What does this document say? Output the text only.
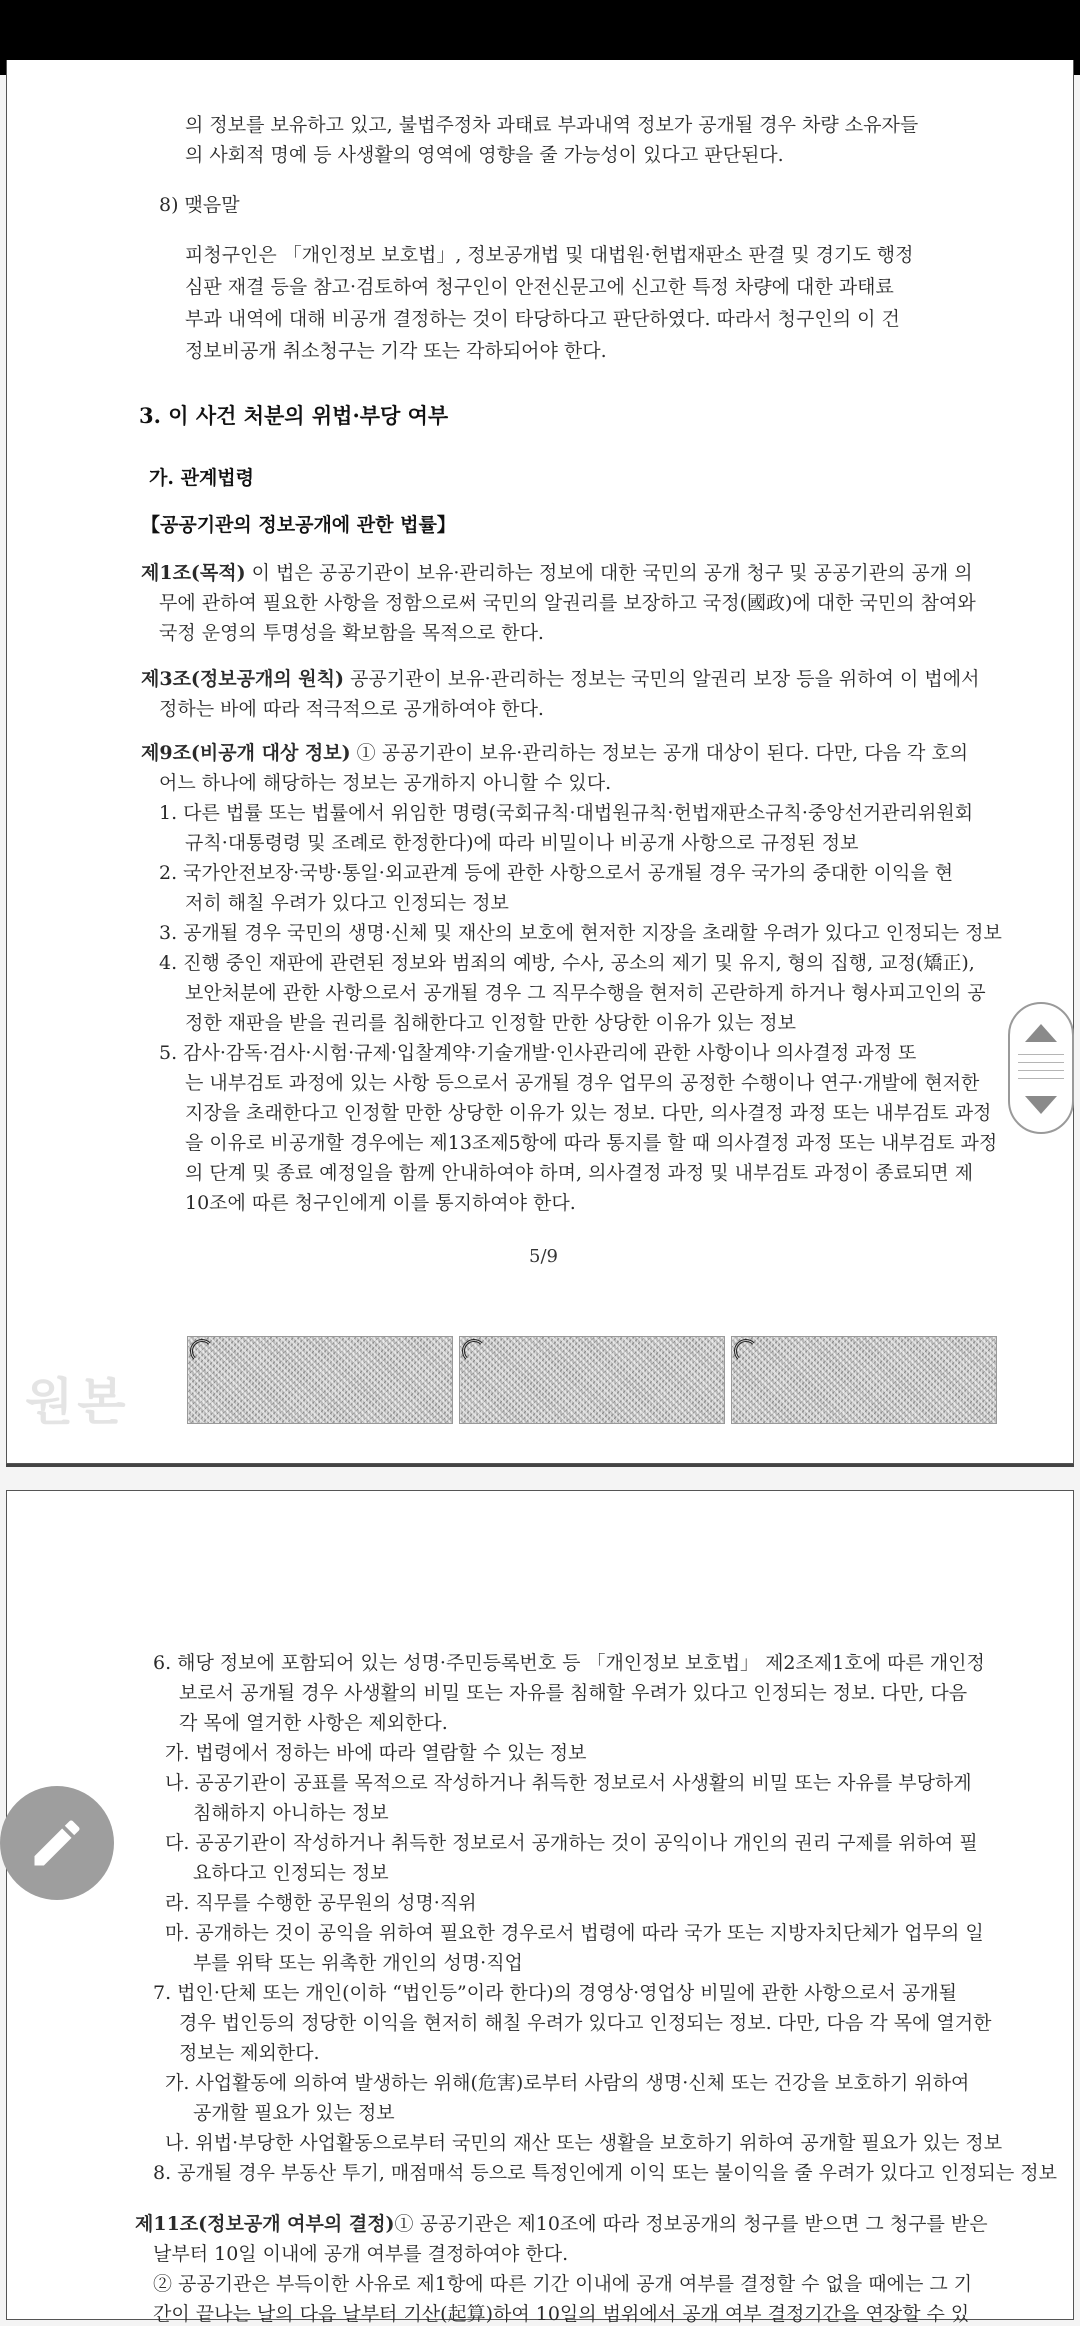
의 정보를 보유하고 있고, 불법주정차 과태료 부과내역 정보가 공개될 경우 차량 소유자들
의 사회적 명예 등 사생활의 영역에 영향을 줄 가능성이 있다고 판단된다.
8) 맺음말
피청구인은 「개인정보 보호법」, 정보공개법 및 대법원·헌법재판소 판결 및 경기도 행정
심판 재결 등을 참고·검토하여 청구인이 안전신문고에 신고한 특정 차량에 대한 과태료
부과 내역에 대해 비공개 결정하는 것이 타당하다고 판단하였다. 따라서 청구인의 이 건
정보비공개 취소청구는 기각 또는 각하되어야 한다.
3. 이 사건 처분의 위법·부당 여부
가. 관계법령
【공공기관의 정보공개에 관한 법률】
제1조(목적) 이 법은 공공기관이 보유·관리하는 정보에 대한 국민의 공개 청구 및 공공기관의 공개 의
무에 관하여 필요한 사항을 정함으로써 국민의 알권리를 보장하고 국정(國政)에 대한 국민의 참여와
국정 운영의 투명성을 확보함을 목적으로 한다.
제3조(정보공개의 원칙) 공공기관이 보유·관리하는 정보는 국민의 알권리 보장 등을 위하여 이 법에서
정하는 바에 따라 적극적으로 공개하여야 한다.
제9조(비공개 대상 정보) ① 공공기관이 보유·관리하는 정보는 공개 대상이 된다. 다만, 다음 각 호의
어느 하나에 해당하는 정보는 공개하지 아니할 수 있다.
1. 다른 법률 또는 법률에서 위임한 명령(국회규칙·대법원규칙·헌법재판소규칙·중앙선거관리위원회
규칙·대통령령 및 조례로 한정한다)에 따라 비밀이나 비공개 사항으로 규정된 정보
2. 국가안전보장·국방·통일·외교관계 등에 관한 사항으로서 공개될 경우 국가의 중대한 이익을 현
저히 해칠 우려가 있다고 인정되는 정보
3. 공개될 경우 국민의 생명·신체 및 재산의 보호에 현저한 지장을 초래할 우려가 있다고 인정되는 정보
4. 진행 중인 재판에 관련된 정보와 범죄의 예방, 수사, 공소의 제기 및 유지, 형의 집행, 교정(矯正),
보안처분에 관한 사항으로서 공개될 경우 그 직무수행을 현저히 곤란하게 하거나 형사피고인의 공
정한 재판을 받을 권리를 침해한다고 인정할 만한 상당한 이유가 있는 정보
5. 감사·감독·검사·시험·규제·입찰계약·기술개발·인사관리에 관한 사항이나 의사결정 과정 또
는 내부검토 과정에 있는 사항 등으로서 공개될 경우 업무의 공정한 수행이나 연구·개발에 현저한
지장을 초래한다고 인정할 만한 상당한 이유가 있는 정보. 다만, 의사결정 과정 또는 내부검토 과정
을 이유로 비공개할 경우에는 제13조제5항에 따라 통지를 할 때 의사결정 과정 또는 내부검토 과정
의 단계 및 종료 예정일을 함께 안내하여야 하며, 의사결정 과정 및 내부검토 과정이 종료되면 제
10조에 따른 청구인에게 이를 통지하여야 한다.
5/9
원본
6. 해당 정보에 포함되어 있는 성명·주민등록번호 등 「개인정보 보호법」 제2조제1호에 따른 개인정
보로서 공개될 경우 사생활의 비밀 또는 자유를 침해할 우려가 있다고 인정되는 정보. 다만, 다음
각 목에 열거한 사항은 제외한다.
가. 법령에서 정하는 바에 따라 열람할 수 있는 정보
나. 공공기관이 공표를 목적으로 작성하거나 취득한 정보로서 사생활의 비밀 또는 자유를 부당하게
침해하지 아니하는 정보
다. 공공기관이 작성하거나 취득한 정보로서 공개하는 것이 공익이나 개인의 권리 구제를 위하여 필
요하다고 인정되는 정보
라. 직무를 수행한 공무원의 성명·직위
마. 공개하는 것이 공익을 위하여 필요한 경우로서 법령에 따라 국가 또는 지방자치단체가 업무의 일
부를 위탁 또는 위촉한 개인의 성명·직업
7. 법인·단체 또는 개인(이하 “법인등”이라 한다)의 경영상·영업상 비밀에 관한 사항으로서 공개될
경우 법인등의 정당한 이익을 현저히 해칠 우려가 있다고 인정되는 정보. 다만, 다음 각 목에 열거한
정보는 제외한다.
가. 사업활동에 의하여 발생하는 위해(危害)로부터 사람의 생명·신체 또는 건강을 보호하기 위하여
공개할 필요가 있는 정보
나. 위법·부당한 사업활동으로부터 국민의 재산 또는 생활을 보호하기 위하여 공개할 필요가 있는 정보
8. 공개될 경우 부동산 투기, 매점매석 등으로 특정인에게 이익 또는 불이익을 줄 우려가 있다고 인정되는 정보
제11조(정보공개 여부의 결정)① 공공기관은 제10조에 따라 정보공개의 청구를 받으면 그 청구를 받은
날부터 10일 이내에 공개 여부를 결정하여야 한다.
② 공공기관은 부득이한 사유로 제1항에 따른 기간 이내에 공개 여부를 결정할 수 없을 때에는 그 기
간이 끝나는 날의 다음 날부터 기산(起算)하여 10일의 범위에서 공개 여부 결정기간을 연장할 수 있
